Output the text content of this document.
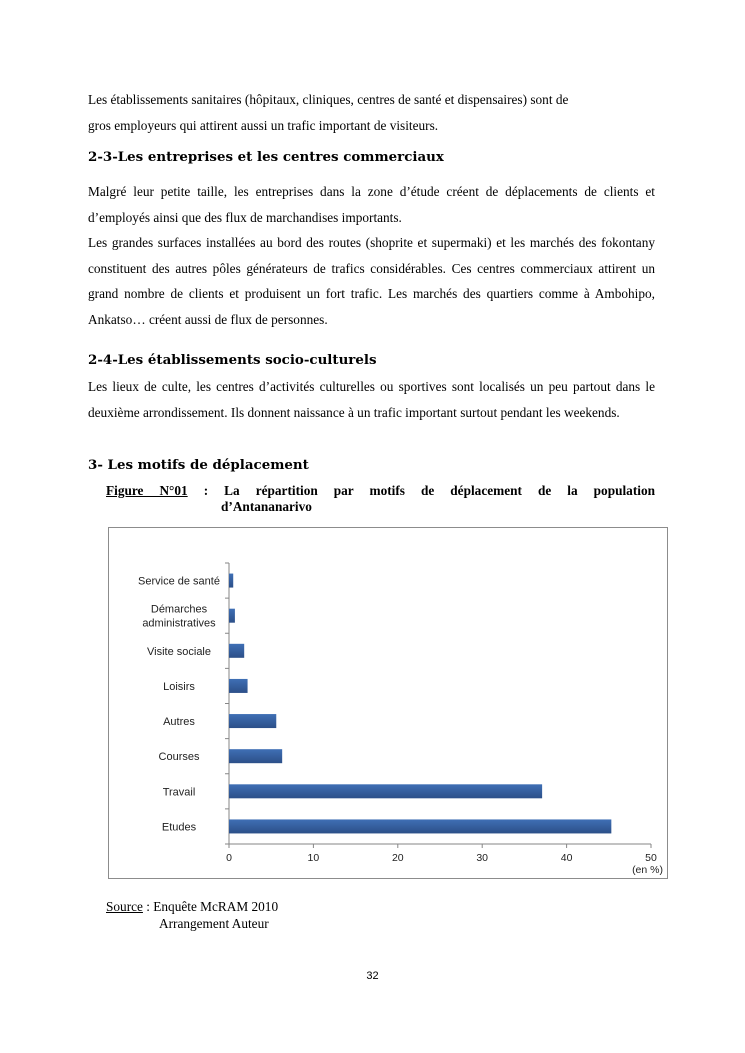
Les établissements sanitaires (hôpitaux, cliniques, centres de santé et dispensaires) sont de
gros employeurs qui attirent aussi un trafic important de visiteurs.
2-3-Les entreprises et les centres commerciaux
Malgré leur petite taille, les entreprises dans la zone d’étude créent de déplacements de clients et d’employés ainsi que des flux de marchandises importants.
Les grandes surfaces installées au bord des routes (shoprite et supermaki) et les marchés des fokontany constituent des autres pôles générateurs de trafics considérables. Ces centres commerciaux attirent un grand nombre de clients et produisent un fort trafic. Les marchés des quartiers comme à Ambohipo, Ankatso… créent aussi de flux de personnes.
2-4-Les établissements socio-culturels
Les lieux de culte, les centres d’activités culturelles ou sportives sont localisés un peu partout dans le deuxième arrondissement. Ils donnent naissance à un trafic important surtout pendant les weekends.
3- Les motifs de déplacement
Figure N°01 : La répartition par motifs de déplacement de la population
d’Antananarivo
0	10	20	30	40	50
(en %)
Service de santé
Démarches administratives
Visite sociale
Loisirs
Autres
Courses
Travail
Etudes
Source : Enquête McRAM 2010
Arrangement Auteur
32
